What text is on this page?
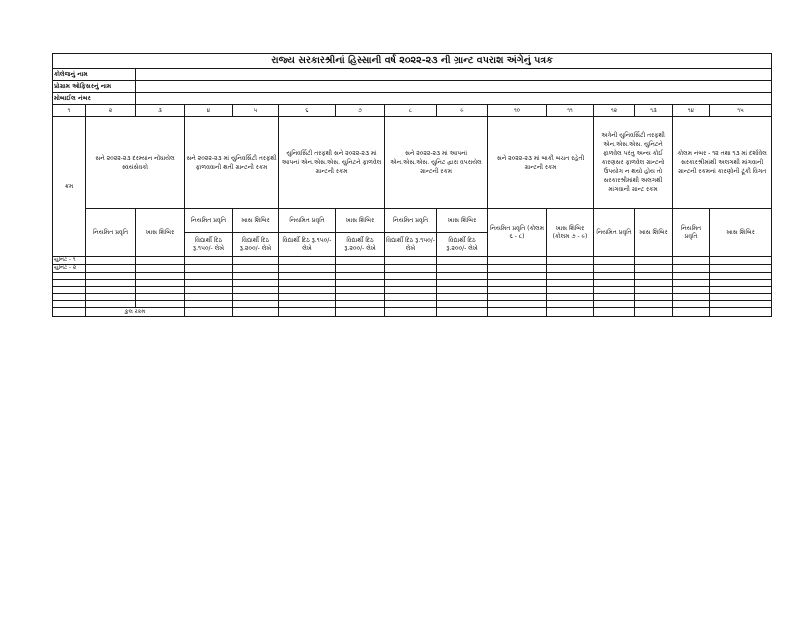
રાજ્ય સરકારશ્રીનાં હિસ્સાની વર્ષ ૨૦૨૨-૨૩ ની ગ્રાન્ટ વપરાશ અંગેનું પત્રક														
કોલેજનું નામ														
પ્રોગ્રામ ઓફિસરનું નામ														
મોબાઈલ નંબર														
૧	૨	૩	૪	૫	૬	૭	૮	૯	૧૦	૧૧	૧૨	૧૩	૧૪	૧૫
ક્રમ	સને ૨૦૨૨-૨૩ દરમ્યાન નોંધાયેલ સ્વયંસેવકો		સને ૨૦૨૨-૨૩ માં યુનિવર્સિટી તરફથી ફાળવવાની થતી ગ્રાન્ટની રકમ		યુનિવર્સિટી તરફથી સને ૨૦૨૨-૨૩ માં આપનાં એન.એસ.એસ. યુનિટને ફાળવેલ ગ્રાન્ટની રકમ		સને ૨૦૨૨-૨૩ માં આપનાં એન.એસ.એસ. યુનિટ દ્વારા વપરાયેલ ગ્રાન્ટની રકમ		સને ૨૦૨૨-૨૩ માં બાકી બચત રહેતી ગ્રાન્ટની રકમ		અત્રેની યુનિવર્સિટી તરફથી એન.એસ.એસ. યુનિટને ફાળવેલ પરંતુ અન્ય કોઈ કારણસર ફાળવેલ ગ્રાન્ટનો ઉપયોગ ન થયો હોય તો સરકારશ્રીમાંથી અલગથી માંગવાની ગ્રાન્ટ રકમ		કોલમ નંબર - ૧૨ તથા ૧૩ માં દર્શાવેલ સરકારશ્રીમાંથી અલગથી માંગવાની ગ્રાન્ટની રકમનાં કારણોની ટૂંકી વિગત	
	નિયમિત પ્રવૃતિ	ખાસ શિબિર	નિયમિત પ્રવૃતિ	ખાસ શિબિર	નિયમિત પ્રવૃતિ	ખાસ શિબિર	નિયમિત પ્રવૃતિ	ખાસ શિબિર	નિયમિત પ્રવૃતિ (કોલમ ૬ - ૮)	ખાસ શિબિર (કોલમ ૭ - ૯)	નિયમિત પ્રવૃતિ	ખાસ શિબિર	નિયમિત પ્રવૃતિ	ખાસ શિબિર
			વિદ્યાર્થી દિઠ રૂ.૧૫૦/- લેખે	વિદ્યાર્થી દિઠ રૂ.૨૦૦/- લેખે	વિદ્યાર્થી દિઠ રૂ.૧૫૦/- લેખે	વિદ્યાર્થી દિઠ રૂ.૨૦૦/- લેખે	વિદ્યાર્થી દિઠ રૂ.૧૫૦/- લેખે	વિદ્યાર્થી દિઠ રૂ.૨૦૦/- લેખે						
યુનિટ - ૧														
યુનિટ - ૨														

	કુલ રકમ													
